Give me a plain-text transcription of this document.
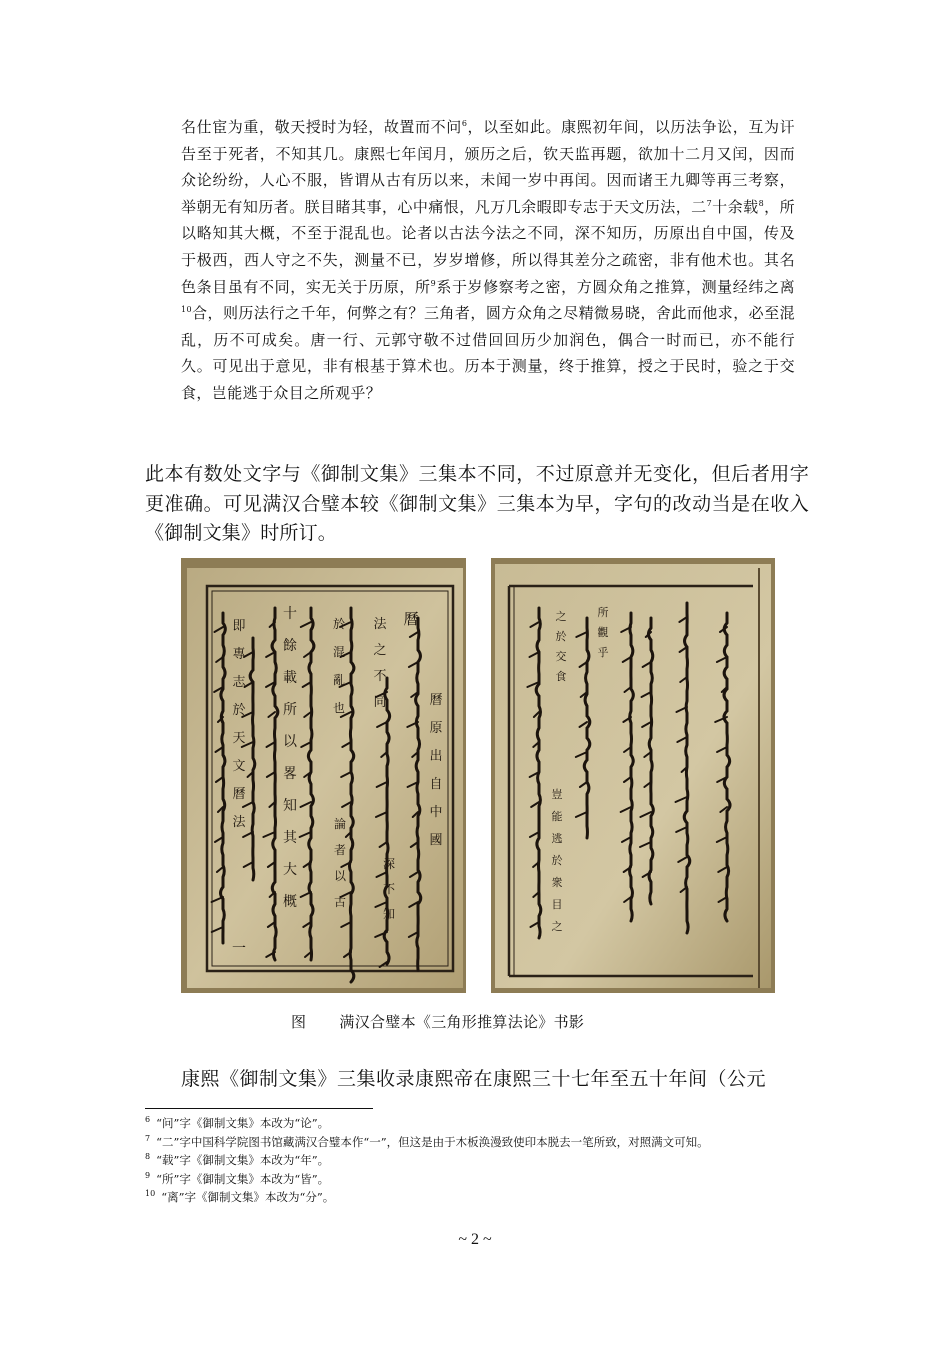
名仕宦为重，敬天授时为轻，故置而不问$^6$，以至如此。康熙初年间，以历法争讼，互为讦告至于死者，不知其几。康熙七年闰月，颁历之后，钦天监再题，欲加十二月又闰，因而众论纷纷，人心不服，皆谓从古有历以来，未闻一岁中再闰。因而诸王九卿等再三考察，举朝无有知历者。朕目睹其事，心中痛恨，凡万几余暇即专志于天文历法，二$^7$十余载$^8$，所以略知其大概，不至于混乱也。论者以古法今法之不同，深不知历，历原出自中国，传及于极西，西人守之不失，测量不已，岁岁增修，所以得其差分之疏密，非有他术也。其名色条目虽有不同，实无关于历原，所$^9$系于岁修察考之密，方圆众角之推算，测量经纬之离$^{10}$合，则历法行之千年，何弊之有？三角者，圆方众角之尽精微易晓，舍此而他求，必至混乱，历不可成矣。唐一行、元郭守敬不过借回回历少加润色，偶合一时而已，亦不能行久。可见出于意见，非有根基于算术也。历本于测量，终于推算，授之于民时，验之于交食，岂能逃于众目之所观乎？
此本有数处文字与《御制文集》三集本不同，不过原意并无变化，但后者用字更准确。可见满汉合璧本较《御制文集》三集本为早，字句的改动当是在收入《御制文集》时所订。
曆
曆
原
出
自
中
國
法
之
不
同
深
不
知
於
混
亂
也
論
者
以
古
十
餘
載
所
以
畧
知
其
大
概
即
專
志
於
天
文
曆
法
一
所
觀
乎
之
於
交
食
豈
能
逃
於
衆
目
之
图 满汉合璧本《三角形推算法论》书影
康熙《御制文集》三集收录康熙帝在康熙三十七年至五十年间（公元
$^6$ “问”字《御制文集》本改为“论”。
$^7$ “二”字中国科学院图书馆藏满汉合璧本作“一”，但这是由于木板涣漫致使印本脱去一笔所致，对照满文可知。
$^8$ “载”字《御制文集》本改为“年”。
$^9$ “所”字《御制文集》本改为“皆”。
$^{10}$ “离”字《御制文集》本改为“分”。
~ 2 ~
